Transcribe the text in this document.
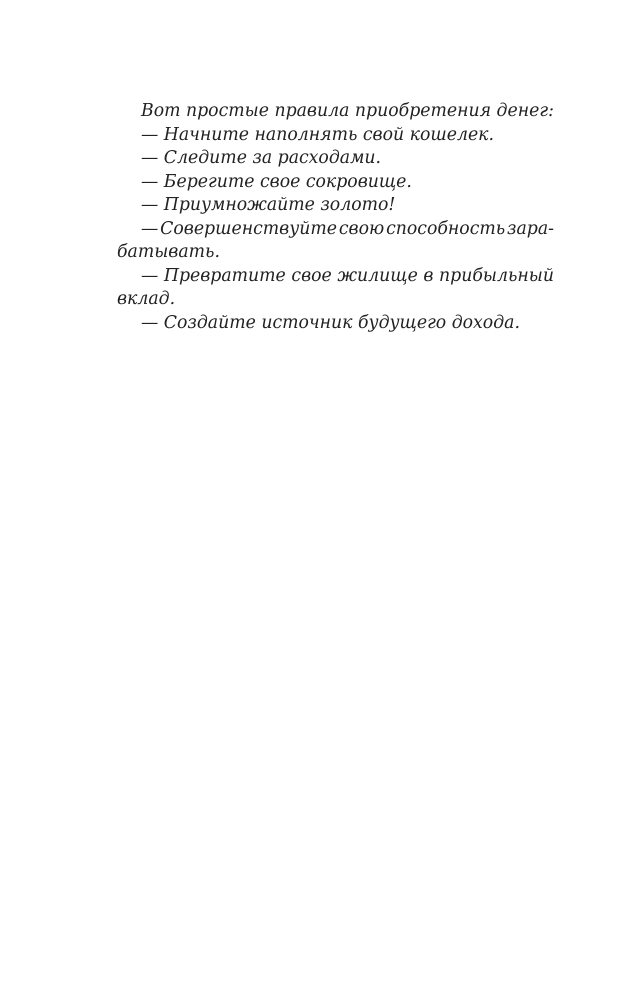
Вот простые правила приобретения денег:
— Начните наполнять свой кошелек.
— Следите за расходами.
— Берегите свое сокровище.
— Приумножайте золото!
— Совершенствуйте свою способность зара-
батывать.
— Превратите свое жилище в прибыльный
вклад.
— Создайте источник будущего дохода.
